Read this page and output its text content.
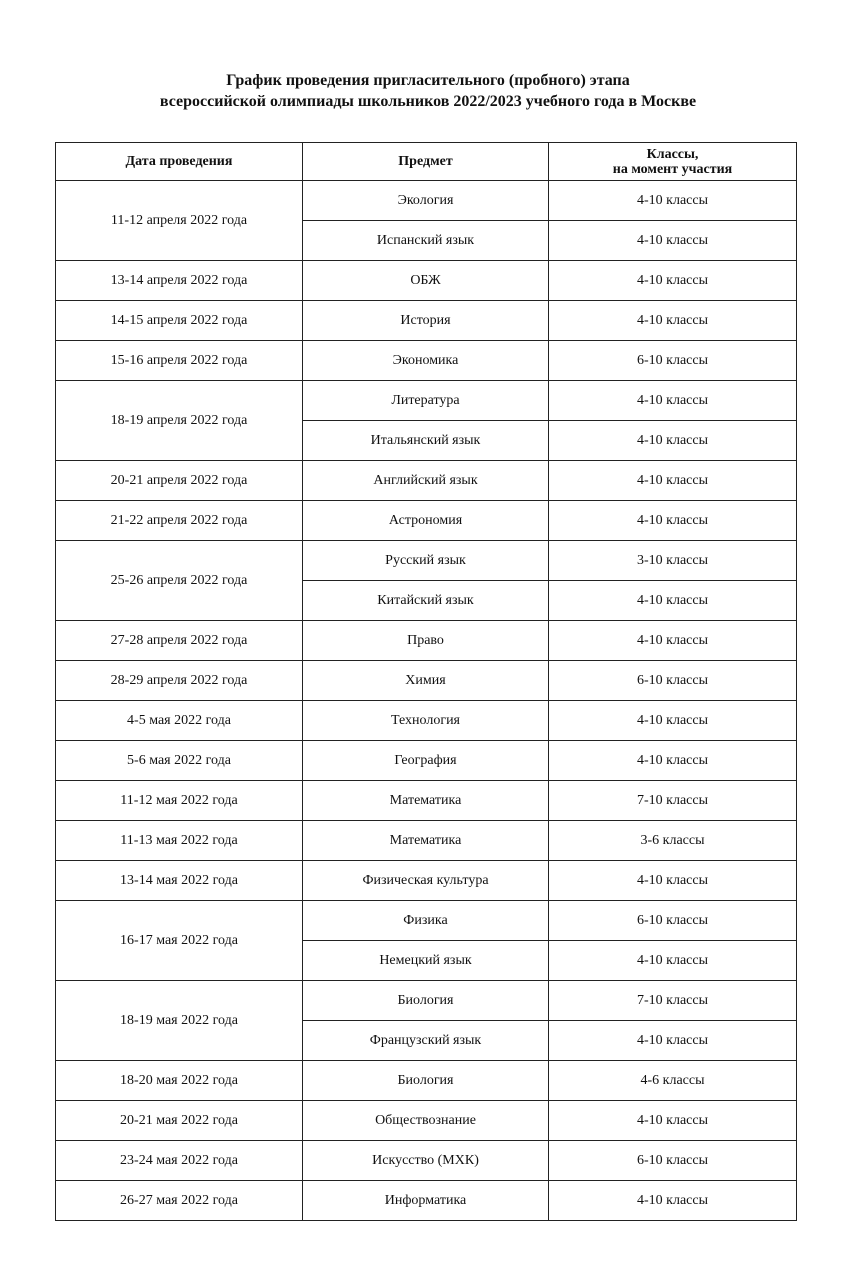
График проведения пригласительного (пробного) этапа
всероссийской олимпиады школьников 2022/2023 учебного года в Москве
Дата проведения	Предмет	Классы,
на момент участия

11-12 апреля 2022 года	Экология	4-10 классы
	Испанский язык	4-10 классы
13-14 апреля 2022 года	ОБЖ	4-10 классы
14-15 апреля 2022 года	История	4-10 классы
15-16 апреля 2022 года	Экономика	6-10 классы
18-19 апреля 2022 года	Литература	4-10 классы
	Итальянский язык	4-10 классы
20-21 апреля 2022 года	Английский язык	4-10 классы
21-22 апреля 2022 года	Астрономия	4-10 классы
25-26 апреля 2022 года	Русский язык	3-10 классы
	Китайский язык	4-10 классы
27-28 апреля 2022 года	Право	4-10 классы
28-29 апреля 2022 года	Химия	6-10 классы
4-5 мая 2022 года	Технология	4-10 классы
5-6 мая 2022 года	География	4-10 классы
11-12 мая 2022 года	Математика	7-10 классы
11-13 мая 2022 года	Математика	3-6 классы
13-14 мая 2022 года	Физическая культура	4-10 классы
16-17 мая 2022 года	Физика	6-10 классы
	Немецкий язык	4-10 классы
18-19 мая 2022 года	Биология	7-10 классы
	Французский язык	4-10 классы
18-20 мая 2022 года	Биология	4-6 классы
20-21 мая 2022 года	Обществознание	4-10 классы
23-24 мая 2022 года	Искусство (МХК)	6-10 классы
26-27 мая 2022 года	Информатика	4-10 классы
